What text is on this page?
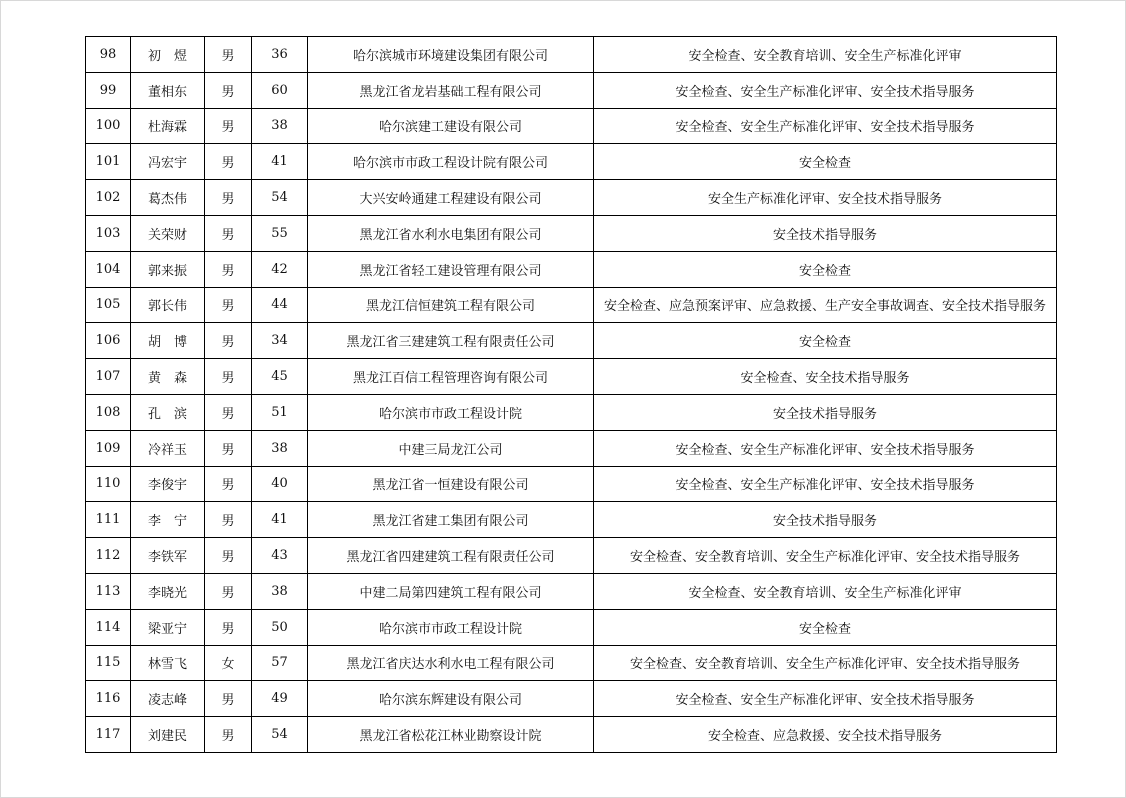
98	初　煜	男	36	哈尔滨城市环境建设集团有限公司	安全检查、安全教育培训、安全生产标准化评审
99	董相东	男	60	黑龙江省龙岩基础工程有限公司	安全检查、安全生产标准化评审、安全技术指导服务
100	杜海霖	男	38	哈尔滨建工建设有限公司	安全检查、安全生产标准化评审、安全技术指导服务
101	冯宏宇	男	41	哈尔滨市市政工程设计院有限公司	安全检查
102	葛杰伟	男	54	大兴安岭通建工程建设有限公司	安全生产标准化评审、安全技术指导服务
103	关荣财	男	55	黑龙江省水利水电集团有限公司	安全技术指导服务
104	郭来振	男	42	黑龙江省轻工建设管理有限公司	安全检查
105	郭长伟	男	44	黑龙江信恒建筑工程有限公司	安全检查、应急预案评审、应急救援、生产安全事故调查、安全技术指导服务
106	胡　博	男	34	黑龙江省三建建筑工程有限责任公司	安全检查
107	黄　森	男	45	黑龙江百信工程管理咨询有限公司	安全检查、安全技术指导服务
108	孔　滨	男	51	哈尔滨市市政工程设计院	安全技术指导服务
109	冷祥玉	男	38	中建三局龙江公司	安全检查、安全生产标准化评审、安全技术指导服务
110	李俊宇	男	40	黑龙江省一恒建设有限公司	安全检查、安全生产标准化评审、安全技术指导服务
111	李　宁	男	41	黑龙江省建工集团有限公司	安全技术指导服务
112	李铁军	男	43	黑龙江省四建建筑工程有限责任公司	安全检查、安全教育培训、安全生产标准化评审、安全技术指导服务
113	李晓光	男	38	中建二局第四建筑工程有限公司	安全检查、安全教育培训、安全生产标准化评审
114	梁亚宁	男	50	哈尔滨市市政工程设计院	安全检查
115	林雪飞	女	57	黑龙江省庆达水利水电工程有限公司	安全检查、安全教育培训、安全生产标准化评审、安全技术指导服务
116	凌志峰	男	49	哈尔滨东辉建设有限公司	安全检查、安全生产标准化评审、安全技术指导服务
117	刘建民	男	54	黑龙江省松花江林业勘察设计院	安全检查、应急救援、安全技术指导服务
